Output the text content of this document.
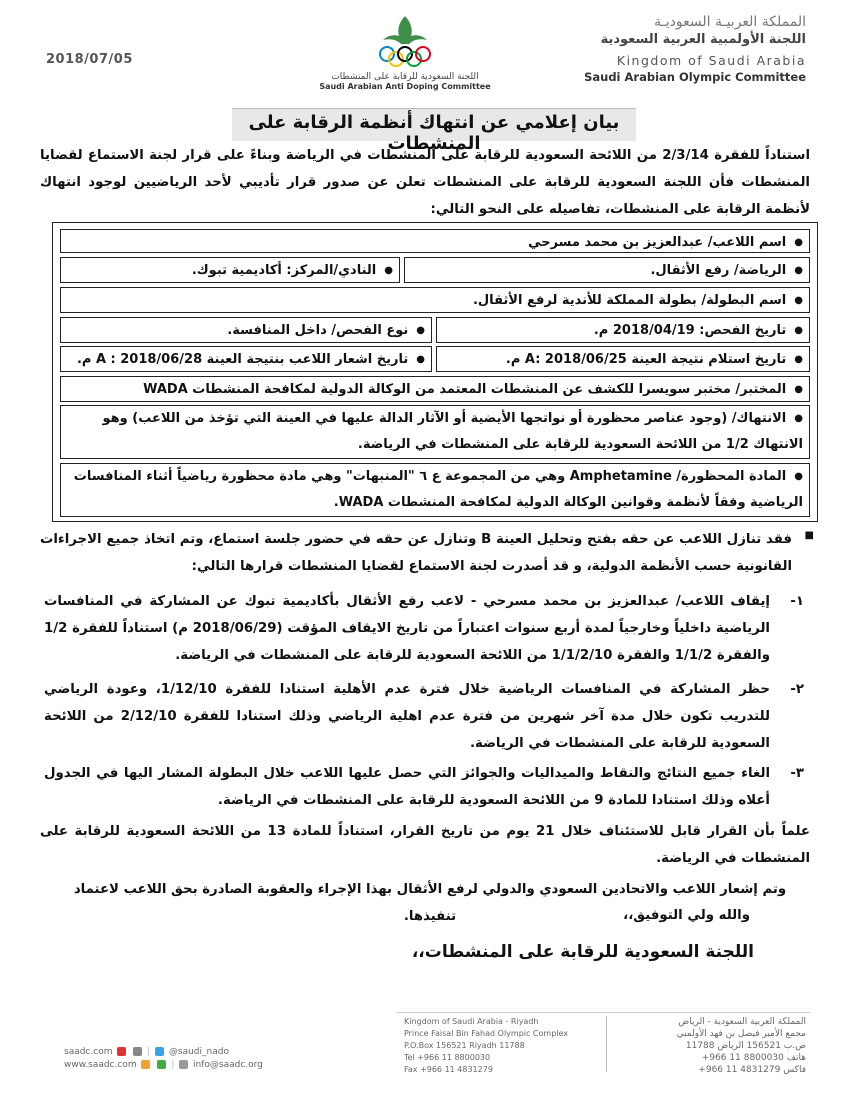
2018/07/05
المملكة العربيـة السعوديـة
اللجنة الأولمبية العربية السعودية
Kingdom of Saudi Arabia
Saudi Arabian Olympic Committee
اللجنة السعودية للرقابة على المنشطات
Saudi Arabian Anti Doping Committee
بيان إعلامي عن انتهاك أنظمة الرقابة على المنشطات
استناداً للفقرة 2/3/14 من اللائحة السعودية للرقابة على المنشطات في الرياضة وبناءً على قرار لجنة الاستماع لقضايا المنشطات فأن اللجنة السعودية للرقابة على المنشطات تعلن عن صدور قرار تأديبي لأحد الرياضيين لوجود انتهاك لأنظمة الرقابة على المنشطات، تفاصيله على النحو التالي:
●اسم اللاعب/ عبدالعزيز بن محمد مسرحي
●الرياضة/ رفع الأثقال.
●النادي/المركز: أكاديمية تبوك.
●اسم البطولة/ بطولة المملكة للأندية لرفع الأثقال.
●تاريخ الفحص: 2018/04/19 م.
●نوع الفحص/ داخل المنافسة.
●تاريخ استلام نتيجة العينة A: 2018/06/25 م.
●تاريخ اشعار اللاعب بنتيجة العينة A : 2018/06/28 م.
●المختبر/ مختبر سويسرا للكشف عن المنشطات المعتمد من الوكالة الدولية لمكافحة المنشطات WADA
●الانتهاك/ (وجود عناصر محظورة أو نواتجها الأيضية أو الآثار الدالة عليها في العينة التي تؤخذ من اللاعب) وهو الانتهاك 1/2 من اللائحة السعودية للرقابة على المنشطات في الرياضة.
●المادة المحظورة/ Amphetamine وهي من المجموعة ع ٦ "المنبهات" وهي مادة محظورة رياضياً أثناء المنافسات الرياضية وفقاً لأنظمة وقوانين الوكالة الدولية لمكافحة المنشطات WADA.
■
فقد تنازل اللاعب عن حقه بفتح وتحليل العينة B وتنازل عن حقه في حضور جلسة استماع، وتم اتخاذ جميع الاجراءات القانونية حسب الأنظمة الدولية، و قد أصدرت لجنة الاستماع لقضايا المنشطات قرارها التالي:
١-
إيقاف اللاعب/ عبدالعزيز بن محمد مسرحي - لاعب رفع الأثقال بأكاديمية تبوك عن المشاركة في المنافسات الرياضية داخلياً وخارجياً لمدة أربع سنوات اعتباراً من تاريخ الايقاف المؤقت (2018/06/29 م) استناداً للفقرة 1/2 والفقرة 1/1/2 والفقرة 1/1/2/10 من اللائحة السعودية للرقابة على المنشطات في الرياضة.
٢-
حظر المشاركة في المنافسات الرياضية خلال فترة عدم الأهلية استنادا للفقرة 1/12/10، وعودة الرياضي للتدريب تكون خلال مدة آخر شهرين من فترة عدم اهلية الرياضي وذلك استنادا للفقرة 2/12/10 من اللائحة السعودية للرقابة على المنشطات في الرياضة.
٣-
الغاء جميع النتائج والنقاط والميداليات والجوائز التي حصل عليها اللاعب خلال البطولة المشار اليها في الجدول أعلاه وذلك استنادا للمادة 9 من اللائحة السعودية للرقابة على المنشطات في الرياضة.
علماً بأن القرار قابل للاستئناف خلال 21 يوم من تاريخ القرار، استناداً للمادة 13 من اللائحة السعودية للرقابة على المنشطات في الرياضة.
وتم إشعار اللاعب والاتحادين السعودي والدولي لرفع الأثقال بهذا الإجراء والعقوبة الصادرة بحق اللاعب لاعتماد تنفيذها.	والله ولي التوفيق،،
اللجنة السعودية للرقابة على المنشطات،،
المملكة العربية السعودية - الرياض
مجمع الأمير فيصل بن فهد الأولمبي
ص.ب 156521 الرياض 11788
هاتف 8800030 11 966+
فاكس 4831279 11 966+
Kingdom of Saudi Arabia - Riyadh
Prince Faisal Bin Fahad Olympic Complex
P.O.Box 156521 Riyadh 11788
Tel +966 11 8800030
Fax +966 11 4831279
saadc.com	| @saudi_nado
www.saadc.com	| info@saadc.org
